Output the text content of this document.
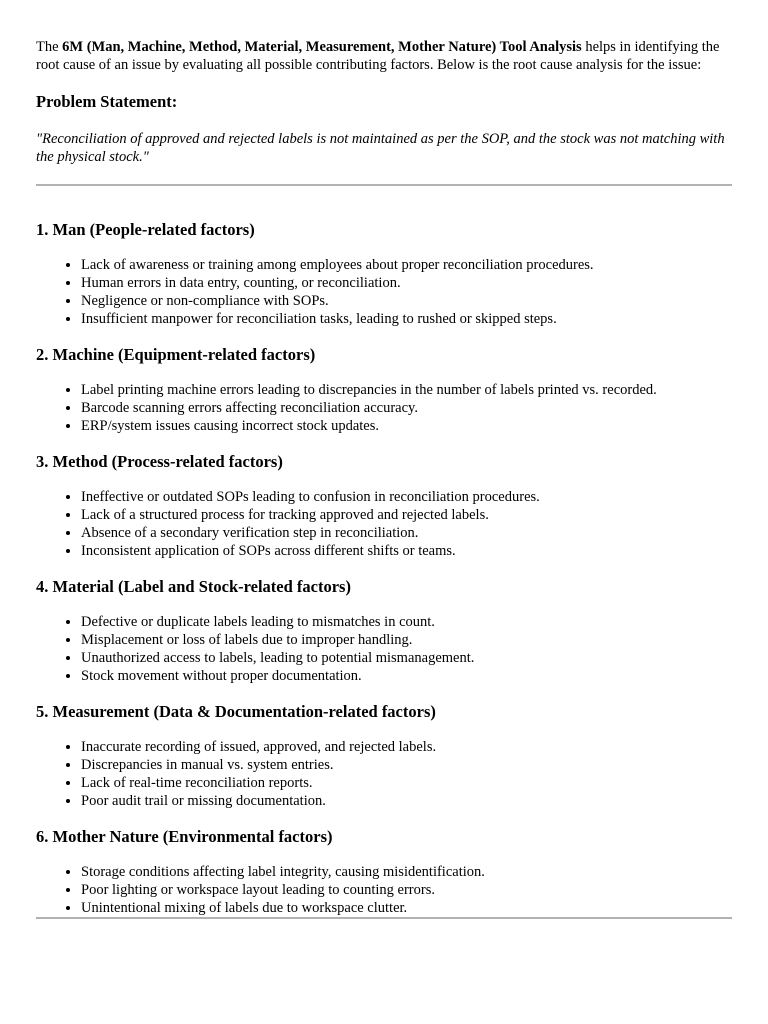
The 6M (Man, Machine, Method, Material, Measurement, Mother Nature) Tool Analysis helps in identifying the root cause of an issue by evaluating all possible contributing factors. Below is the root cause analysis for the issue:

Problem Statement:

"Reconciliation of approved and rejected labels is not maintained as per the SOP, and the stock was not matching with the physical stock."

1. Man (People-related factors)
• Lack of awareness or training among employees about proper reconciliation procedures.
• Human errors in data entry, counting, or reconciliation.
• Negligence or non-compliance with SOPs.
• Insufficient manpower for reconciliation tasks, leading to rushed or skipped steps.
2. Machine (Equipment-related factors)
• Label printing machine errors leading to discrepancies in the number of labels printed vs. recorded.
• Barcode scanning errors affecting reconciliation accuracy.
• ERP/system issues causing incorrect stock updates.
3. Method (Process-related factors)
• Ineffective or outdated SOPs leading to confusion in reconciliation procedures.
• Lack of a structured process for tracking approved and rejected labels.
• Absence of a secondary verification step in reconciliation.
• Inconsistent application of SOPs across different shifts or teams.
4. Material (Label and Stock-related factors)
• Defective or duplicate labels leading to mismatches in count.
• Misplacement or loss of labels due to improper handling.
• Unauthorized access to labels, leading to potential mismanagement.
• Stock movement without proper documentation.
5. Measurement (Data & Documentation-related factors)
• Inaccurate recording of issued, approved, and rejected labels.
• Discrepancies in manual vs. system entries.
• Lack of real-time reconciliation reports.
• Poor audit trail or missing documentation.
6. Mother Nature (Environmental factors)
• Storage conditions affecting label integrity, causing misidentification.
• Poor lighting or workspace layout leading to counting errors.
• Unintentional mixing of labels due to workspace clutter.
